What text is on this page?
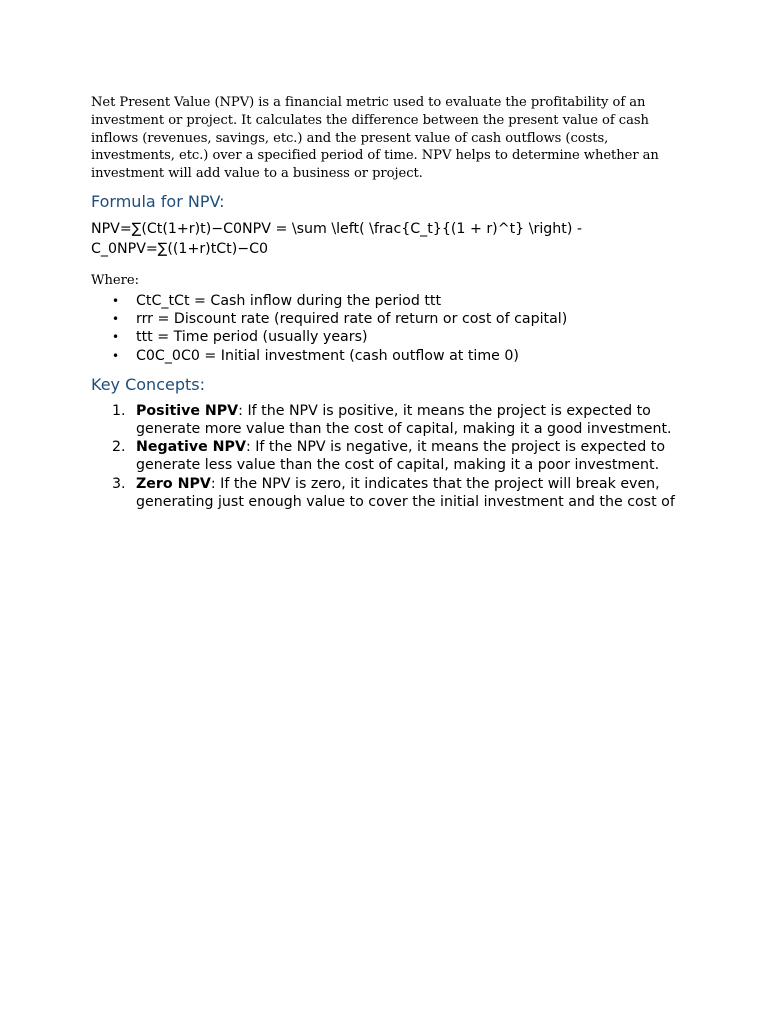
Net Present Value (NPV) is a financial metric used to evaluate the profitability of an investment or project. It calculates the difference between the present value of cash inflows (revenues, savings, etc.) and the present value of cash outflows (costs, investments, etc.) over a specified period of time. NPV helps to determine whether an investment will add value to a business or project.

Formula for NPV:

NPV=∑(Ct(1+r)t)−C0NPV = \sum \left( \frac{C_t}{(1 + r)^t} \right) - C_0NPV=∑((1+r)tCt)−C0

Where:

• CtC_tCt = Cash inflow during the period ttt
• rrr = Discount rate (required rate of return or cost of capital)
• ttt = Time period (usually years)
• C0C_0C0 = Initial investment (cash outflow at time 0)
Key Concepts:
1. Positive NPV: If the NPV is positive, it means the project is expected to generate more value than the cost of capital, making it a good investment.
2. Negative NPV: If the NPV is negative, it means the project is expected to generate less value than the cost of capital, making it a poor investment.
3. Zero NPV: If the NPV is zero, it indicates that the project will break even, generating just enough value to cover the initial investment and the cost of
